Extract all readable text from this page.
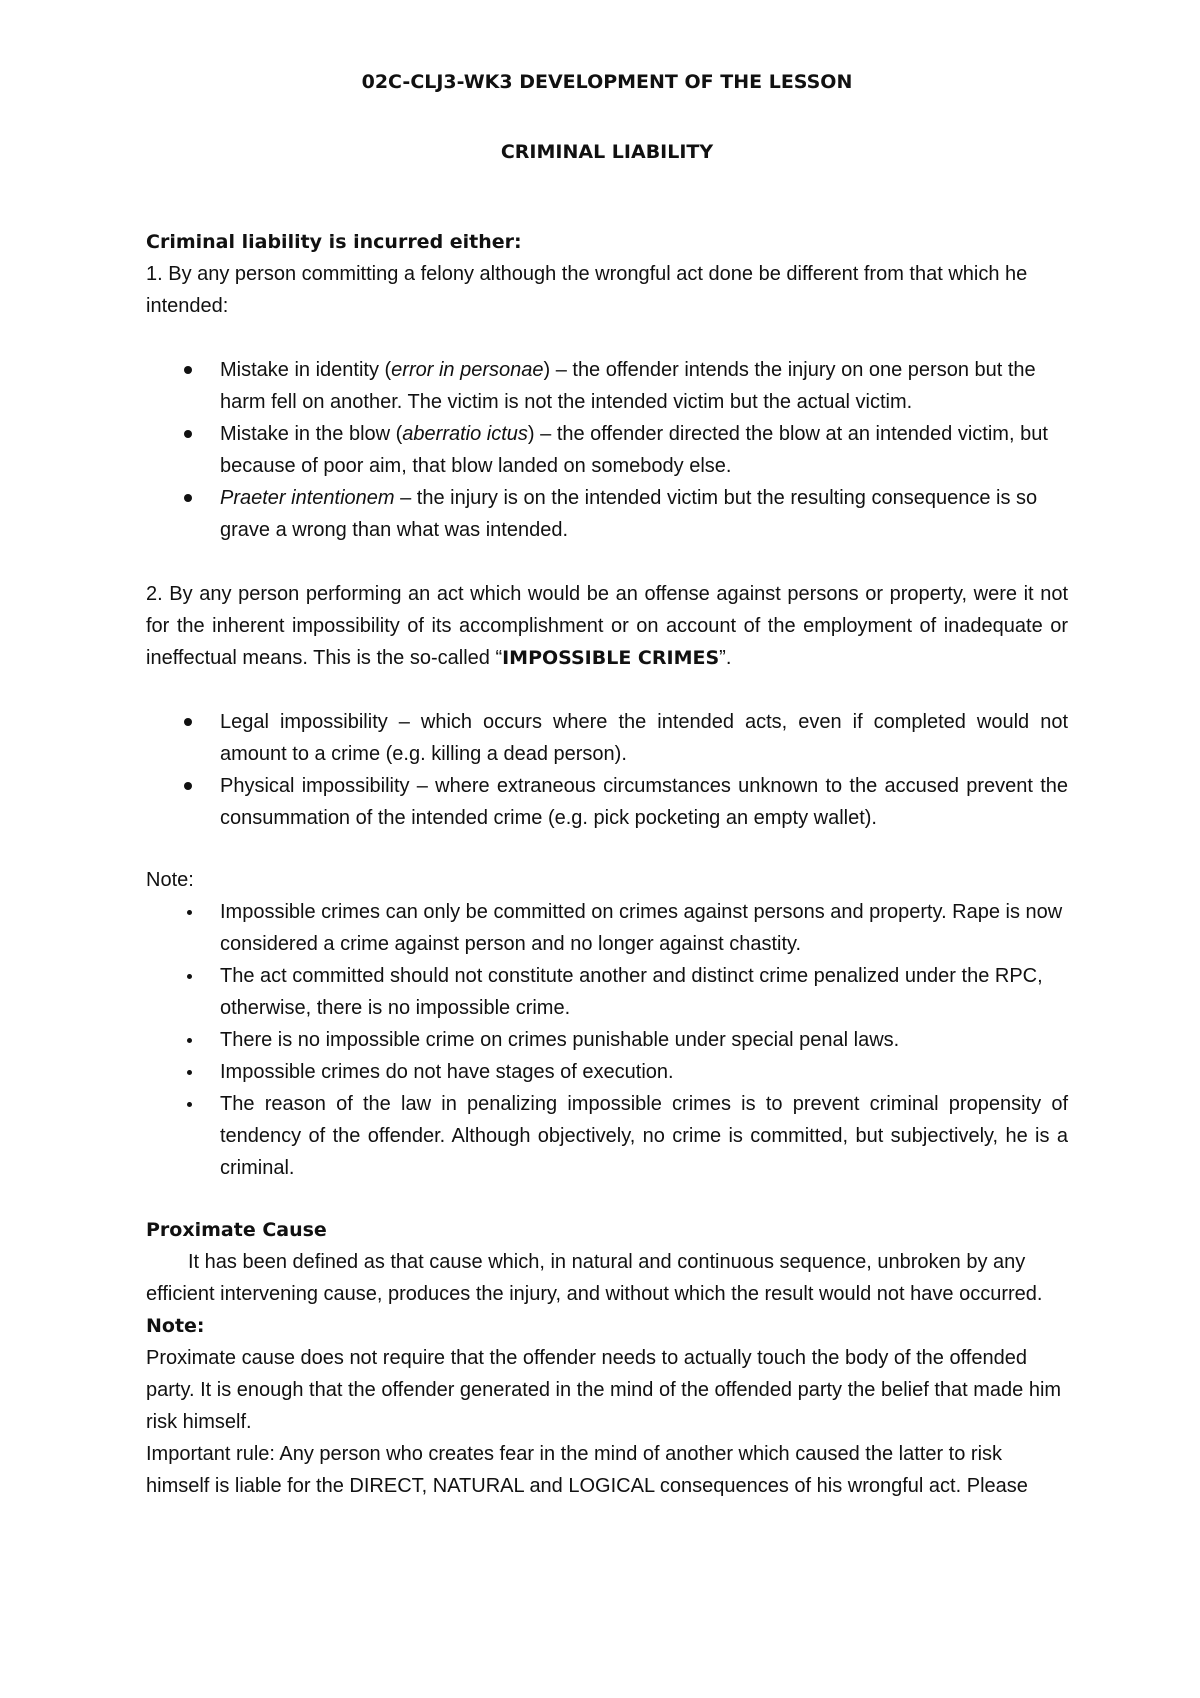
02C-CLJ3-WK3 DEVELOPMENT OF THE LESSON

CRIMINAL LIABILITY

Criminal liability is incurred either:

1. By any person committing a felony although the wrongful act done be different from that which he intended:

Mistake in identity (error in personae) – the offender intends the injury on one person but the harm fell on another. The victim is not the intended victim but the actual victim.
Mistake in the blow (aberratio ictus) – the offender directed the blow at an intended victim, but because of poor aim, that blow landed on somebody else.
Praeter intentionem – the injury is on the intended victim but the resulting consequence is so grave a wrong than what was intended.

2. By any person performing an act which would be an offense against persons or property, were it not for the inherent impossibility of its accomplishment or on account of the employment of inadequate or ineffectual means. This is the so-called “IMPOSSIBLE CRIMES”.

Legal impossibility – which occurs where the intended acts, even if completed would not amount to a crime (e.g. killing a dead person).
Physical impossibility – where extraneous circumstances unknown to the accused prevent the consummation of the intended crime (e.g. pick pocketing an empty wallet).

Note:

Impossible crimes can only be committed on crimes against persons and property. Rape is now considered a crime against person and no longer against chastity.
The act committed should not constitute another and distinct crime penalized under the RPC, otherwise, there is no impossible crime.
There is no impossible crime on crimes punishable under special penal laws.
Impossible crimes do not have stages of execution.
The reason of the law in penalizing impossible crimes is to prevent criminal propensity of tendency of the offender. Although objectively, no crime is committed, but subjectively, he is a criminal.

Proximate Cause

It has been defined as that cause which, in natural and continuous sequence, unbroken by any efficient intervening cause, produces the injury, and without which the result would not have occurred.

Note:

Proximate cause does not require that the offender needs to actually touch the body of the offended party. It is enough that the offender generated in the mind of the offended party the belief that made him risk himself.

Important rule: Any person who creates fear in the mind of another which caused the latter to risk himself is liable for the DIRECT, NATURAL and LOGICAL consequences of his wrongful act. Please
